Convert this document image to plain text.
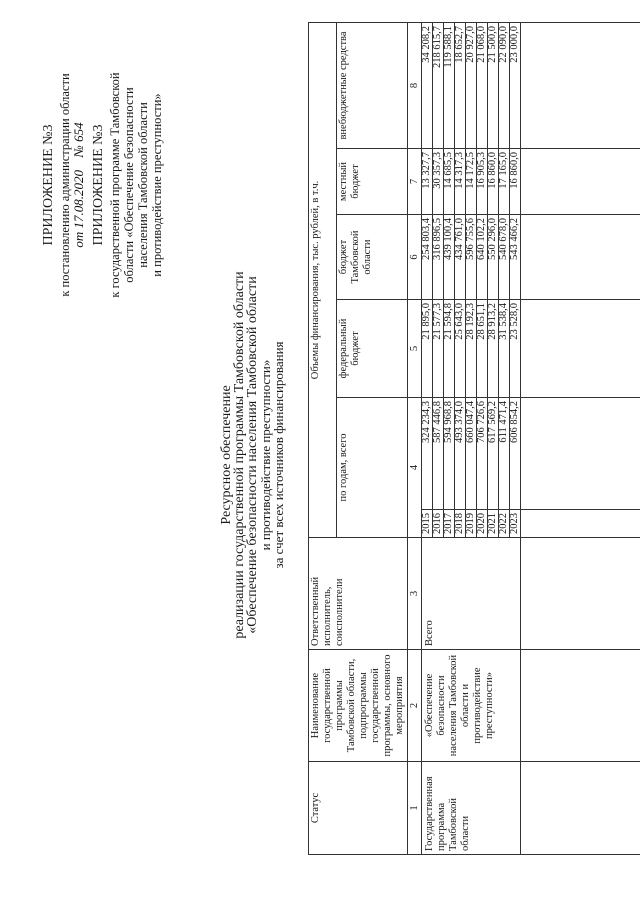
ПРИЛОЖЕНИЕ №3 к постановлению администрации области от 17.08.2020    № 654 ПРИЛОЖЕНИЕ №3 к государственной программе Тамбовской области «Обеспечение безопасности населения Тамбовской области и противодействие преступности»
Ресурсное обеспечение
реализации государственной программы Тамбовской области
«Обеспечение безопасности населения Тамбовской области
и противодействие преступности»
за счет всех источников финансирования
Статус	Наименование государственной программы Тамбовской области, подпрограммы государственной программы, основного мероприятия	Ответственный исполнитель, соисполнители	Объемы финансирования, тыс. рублей, в т.ч.					
			по годам, всего		федеральный бюджет	бюджет Тамбовской области	местный бюджет	внебюджетные средства
1	2	3	4		5	6	7	8
Государственная программа Тамбовской области	«Обеспечение безопасности населения Тамбовской области и противодействие преступности»	Всего	2015	324 234,3	21 895,0	254 803,4	13 327,7	34 208,2
			2016	587 446,8	21 577,3	316 896,5	30 357,3	218 615,7
			2017	594 968,8	21 594,8	439 100,4	14 685,5	119 588,1
			2018	493 374,0	25 643,0	434 761,0	14 317,3	18 652,7
			2019	660 047,4	28 192,3	596 755,6	14 172,5	20 927,0
			2020	706 726,6	28 651,1	640 102,2	16 905,3	21 068,0
			2021	617 569,2	28 913,2	550 296,0	16 860,0	21 500,0
			2022	611 471,4	31 538,4	540 678,0	17 165,0	22 090,0
			2023	606 854,2	23 528,0	543 466,2	16 860,0	23 000,0
